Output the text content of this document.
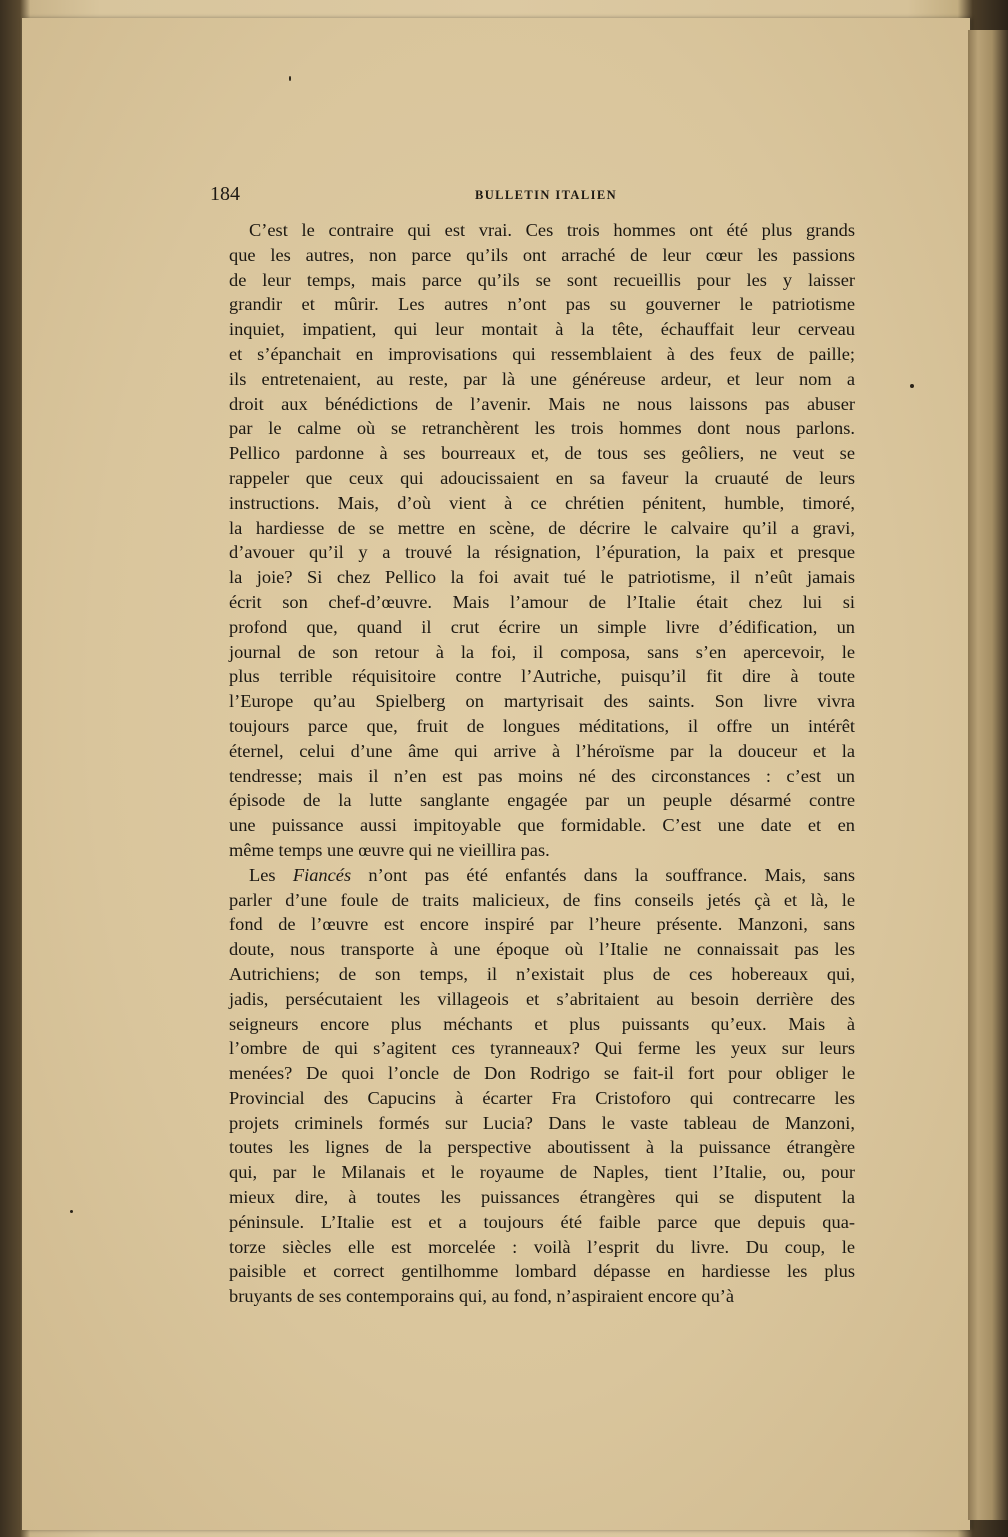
184	BULLETIN ITALIEN
C’est le contraire qui est vrai. Ces trois hommes ont été plus grands
que les autres, non parce qu’ils ont arraché de leur cœur les passions
de leur temps, mais parce qu’ils se sont recueillis pour les y laisser
grandir et mûrir. Les autres n’ont pas su gouverner le patriotisme
inquiet, impatient, qui leur montait à la tête, échauffait leur cerveau
et s’épanchait en improvisations qui ressemblaient à des feux de paille;
ils entretenaient, au reste, par là une généreuse ardeur, et leur nom a
droit aux bénédictions de l’avenir. Mais ne nous laissons pas abuser
par le calme où se retranchèrent les trois hommes dont nous parlons.
Pellico pardonne à ses bourreaux et, de tous ses geôliers, ne veut se
rappeler que ceux qui adoucissaient en sa faveur la cruauté de leurs
instructions. Mais, d’où vient à ce chrétien pénitent, humble, timoré,
la hardiesse de se mettre en scène, de décrire le calvaire qu’il a gravi,
d’avouer qu’il y a trouvé la résignation, l’épuration, la paix et presque
la joie? Si chez Pellico la foi avait tué le patriotisme, il n’eût jamais
écrit son chef-d’œuvre. Mais l’amour de l’Italie était chez lui si
profond que, quand il crut écrire un simple livre d’édification, un
journal de son retour à la foi, il composa, sans s’en apercevoir, le
plus terrible réquisitoire contre l’Autriche, puisqu’il fit dire à toute
l’Europe qu’au Spielberg on martyrisait des saints. Son livre vivra
toujours parce que, fruit de longues méditations, il offre un intérêt
éternel, celui d’une âme qui arrive à l’héroïsme par la douceur et la
tendresse; mais il n’en est pas moins né des circonstances : c’est un
épisode de la lutte sanglante engagée par un peuple désarmé contre
une puissance aussi impitoyable que formidable. C’est une date et en
même temps une œuvre qui ne vieillira pas.
Les Fiancés n’ont pas été enfantés dans la souffrance. Mais, sans
parler d’une foule de traits malicieux, de fins conseils jetés çà et là, le
fond de l’œuvre est encore inspiré par l’heure présente. Manzoni, sans
doute, nous transporte à une époque où l’Italie ne connaissait pas les
Autrichiens; de son temps, il n’existait plus de ces hobereaux qui,
jadis, persécutaient les villageois et s’abritaient au besoin derrière des
seigneurs encore plus méchants et plus puissants qu’eux. Mais à
l’ombre de qui s’agitent ces tyranneaux? Qui ferme les yeux sur leurs
menées? De quoi l’oncle de Don Rodrigo se fait-il fort pour obliger le
Provincial des Capucins à écarter Fra Cristoforo qui contrecarre les
projets criminels formés sur Lucia? Dans le vaste tableau de Manzoni,
toutes les lignes de la perspective aboutissent à la puissance étrangère
qui, par le Milanais et le royaume de Naples, tient l’Italie, ou, pour
mieux dire, à toutes les puissances étrangères qui se disputent la
péninsule. L’Italie est et a toujours été faible parce que depuis qua-
torze siècles elle est morcelée : voilà l’esprit du livre. Du coup, le
paisible et correct gentilhomme lombard dépasse en hardiesse les plus
bruyants de ses contemporains qui, au fond, n’aspiraient encore qu’à
